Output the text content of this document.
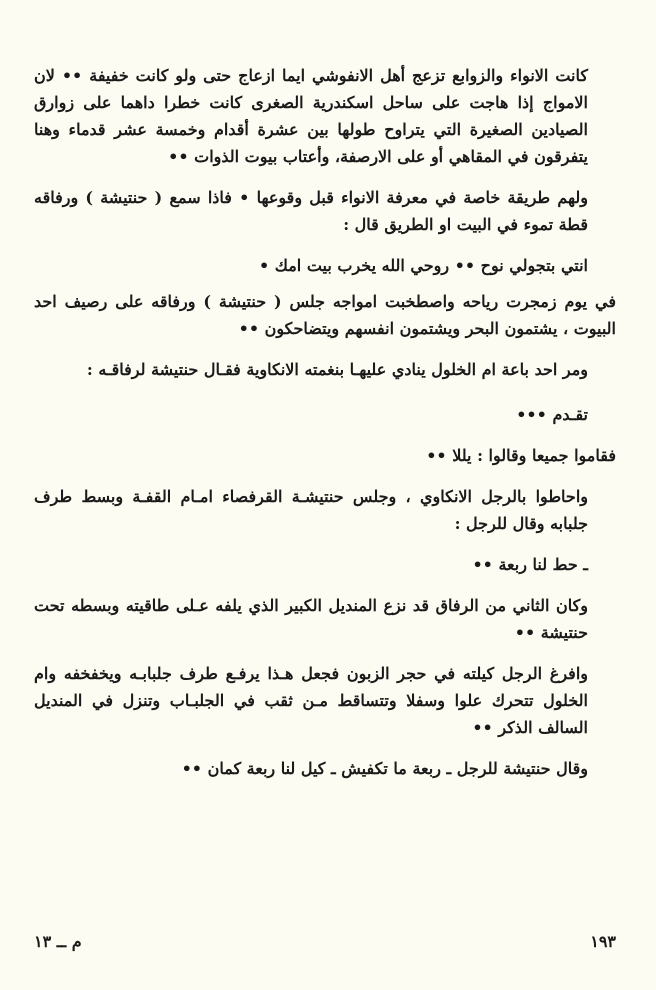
كانت الانواء والزوابع تزعج أهل الانفوشي ايما ازعاج حتى ولو كانت خفيفة •• لان الامواج إذا هاجت على ساحل اسكندرية الصغرى كانت خطرا داهما على زوارق الصيادين الصغيرة التي يتراوح طولها بين عشرة أقدام وخمسة عشر قدماء وهنا يتفرقون في المقاهي أو على الارصفة، وأعتاب بيوت الذوات ••

ولهم طريقة خاصة في معرفة الانواء قبل وقوعها • فاذا سمع ( حنتيشة ) ورفاقه قطة تموء في البيت او الطريق قال :

انتي بتجولي نوح •• روحي الله يخرب بيت امك •

في يوم زمجرت رياحه واصطخبت امواجه جلس ( حنتيشة ) ورفاقه على رصيف احد البيوت ، يشتمون البحر ويشتمون انفسهم ويتضاحكون ••

ومر احد باعة ام الخلول ينادي عليهـا بنغمته الانكاوية فقـال حنتيشة لرفاقـه :

تقـدم •••

فقاموا جميعا وقالوا : يللا ••

واحاطوا بالرجل الانكاوي ، وجلس حنتيشـة القرفصاء امـام القفـة وبسط طرف جلبابه وقال للرجل :

ـ حط لنا ربعة ••

وكان الثاني من الرفاق قد نزع المنديل الكبير الذي يلفه عـلى طاقيته وبسطه تحت حنتيشة ••

وافرغ الرجل كيلته في حجر الزبون فجعل هـذا يرفـع طرف جلبابـه ويخفخفه وام الخلول تتحرك علوا وسفلا وتتساقط مـن ثقب في الجلبـاب وتنزل في المنديل السالف الذكر ••

وقال حنتيشة للرجل ـ ربعة ما تكفيش ـ كيل لنا ربعة كمان ••

١٩٣
م ــ ١٣
